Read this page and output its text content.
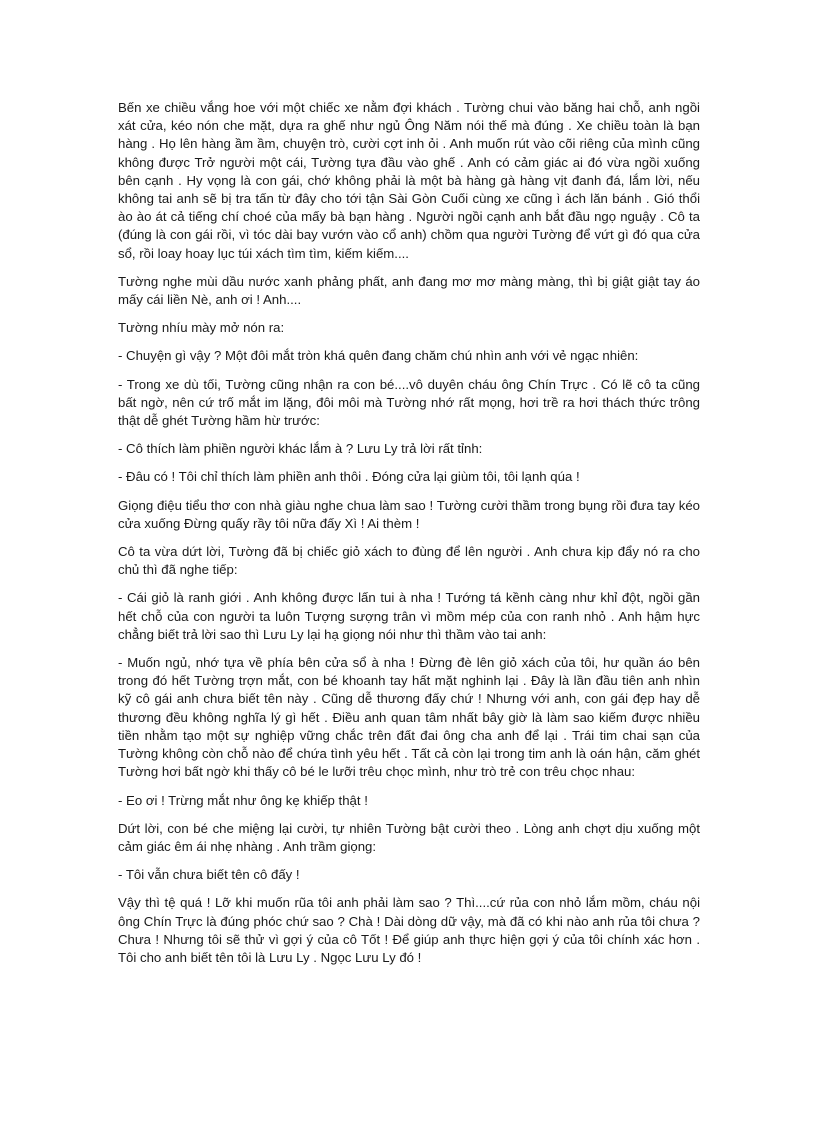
Bến xe chiều vắng hoe với một chiếc xe nằm đợi khách . Tường chui vào băng hai chỗ, anh ngồi xát cửa, kéo nón che mặt, dựa ra ghế như ngủ Ông Năm nói thế mà đúng . Xe chiều toàn là bạn hàng . Họ lên hàng ầm ầm, chuyện trò, cười cợt inh ỏi . Anh muốn rút vào cõi riêng của mình cũng không được Trở người một cái, Tường tựa đầu vào ghế . Anh có cảm giác ai đó vừa ngồi xuống bên cạnh . Hy vọng là con gái, chớ không phải là một bà hàng gà hàng vịt đanh đá, lắm lời, nếu không tai anh sẽ bị tra tấn từ đây cho tới tận Sài Gòn Cuối cùng xe cũng ì ách lăn bánh . Gió thổi ào ào át cả tiếng chí choé của mấy bà bạn hàng . Người ngồi cạnh anh bắt đầu ngọ nguậy . Cô ta (đúng là con gái rồi, vì tóc dài bay vướn vào cổ anh) chồm qua người Tường để vứt gì đó qua cửa sổ, rồi loay hoay lục túi xách tìm tìm, kiếm kiếm....

Tường nghe mùi dầu nước xanh phảng phất, anh đang mơ mơ màng màng, thì bị giật giật tay áo mấy cái liền Nè, anh ơi ! Anh....

Tường nhíu mày mở nón ra:

- Chuyện gì vậy ? Một đôi mắt tròn khá quên đang chăm chú nhìn anh với vẻ ngạc nhiên:

- Trong xe dù tối, Tường cũng nhận ra con bé....vô duyên cháu ông Chín Trực . Có lẽ cô ta cũng bất ngờ, nên cứ trố mắt im lặng, đôi môi mà Tường nhớ rất mọng, hơi trề ra hơi thách thức trông thật dễ ghét Tường hầm hừ trước:

- Cô thích làm phiền người khác lắm à ? Lưu Ly trả lời rất tỉnh:

- Đâu có ! Tôi chỉ thích làm phiền anh thôi . Đóng cửa lại giùm tôi, tôi lạnh qúa !

Giọng điệu tiểu thơ con nhà giàu nghe chua làm sao ! Tường cười thầm trong bụng rồi đưa tay kéo cửa xuống Đừng quấy rầy tôi nữa đấy Xì ! Ai thèm !

Cô ta vừa dứt lời, Tường đã bị chiếc giỏ xách to đùng để lên người . Anh chưa kịp đẩy nó ra cho chủ thì đã nghe tiếp:

- Cái giỏ là ranh giới . Anh không được lấn tui à nha ! Tướng tá kềnh càng như khỉ đột, ngồi gần hết chỗ của con người ta luôn Tượng sượng trân vì mồm mép của con ranh nhỏ . Anh hậm hực chẳng biết trả lời sao thì Lưu Ly lại hạ giọng nói như thì thầm vào tai anh:

- Muốn ngủ, nhớ tựa về phía bên cửa sổ à nha ! Đừng đè lên giỏ xách của tôi, hư quần áo bên trong đó hết Tường trợn mắt, con bé khoanh tay hất mặt nghinh lại . Đây là lần đầu tiên anh nhìn kỹ cô gái anh chưa biết tên này . Cũng dễ thương đấy chứ ! Nhưng với anh, con gái đẹp hay dễ thương đều không nghĩa lý gì hết . Điều anh quan tâm nhất bây giờ là làm sao kiếm được nhiều tiền nhằm tạo một sự nghiệp vững chắc trên đất đai ông cha anh để lại . Trái tim chai sạn của Tường không còn chỗ nào để chứa tình yêu hết . Tất cả còn lại trong tim anh là oán hận, căm ghét Tường hơi bất ngờ khi thấy cô bé le lưỡi trêu chọc mình, như trò trẻ con trêu chọc nhau:

- Eo ơi ! Trừng mắt như ông kẹ khiếp thật !

Dứt lời, con bé che miệng lại cười, tự nhiên Tường bật cười theo . Lòng anh chợt dịu xuống một cảm giác êm ái nhẹ nhàng . Anh trầm giọng:

- Tôi vẫn chưa biết tên cô đấy !

Vậy thì tệ quá ! Lỡ khi muốn rũa tôi anh phải làm sao ? Thì....cứ rủa con nhỏ lắm mồm, cháu nội ông Chín Trực là đúng phóc chứ sao ? Chà ! Dài dòng dữ vậy, mà đã có khi nào anh rủa tôi chưa ? Chưa ! Nhưng tôi sẽ thử vì gợi ý của cô Tốt ! Để giúp anh thực hiện gợi ý của tôi chính xác hơn . Tôi cho anh biết tên tôi là Lưu Ly . Ngọc Lưu Ly đó !
